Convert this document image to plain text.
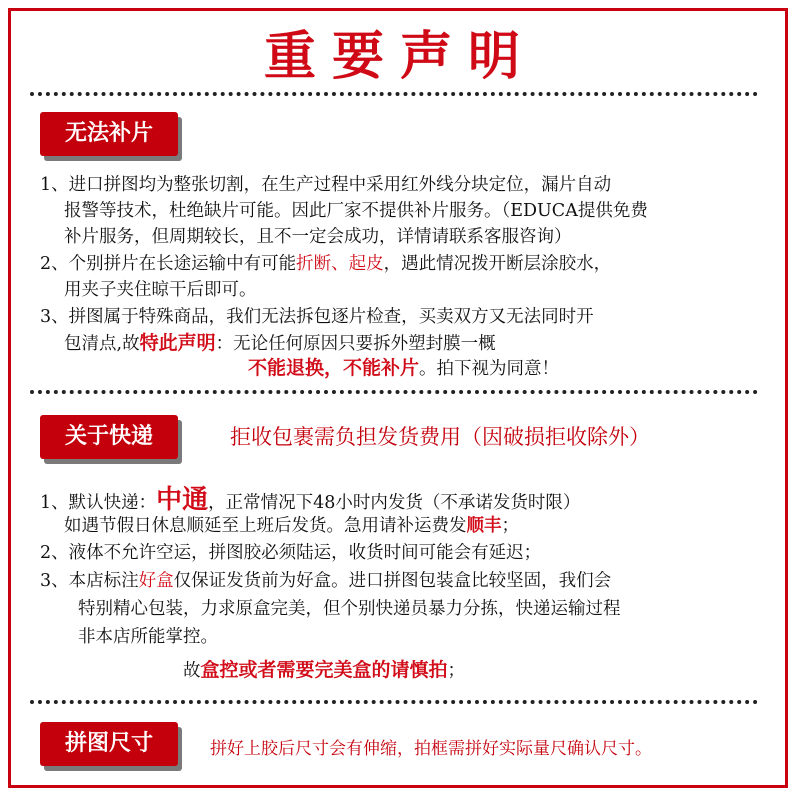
重要声明
无法补片
1、进口拼图均为整张切割，在生产过程中采用红外线分块定位，漏片自动
报警等技术，杜绝缺片可能。因此厂家不提供补片服务。（EDUCA提供免费
补片服务，但周期较长，且不一定会成功，详情请联系客服咨询）
2、个别拼片在长途运输中有可能折断、起皮，遇此情况拨开断层涂胶水，
用夹子夹住晾干后即可。
3、拼图属于特殊商品，我们无法拆包逐片检查，买卖双方又无法同时开
包清点,故特此声明：无论任何原因只要拆外塑封膜一概
不能退换，不能补片。拍下视为同意！
关于快递	拒收包裹需负担发货费用（因破损拒收除外）
1、默认快递：中通，正常情况下48小时内发货（不承诺发货时限）
如遇节假日休息顺延至上班后发货。急用请补运费发顺丰；
2、液体不允许空运，拼图胶必须陆运，收货时间可能会有延迟；
3、本店标注好盒仅保证发货前为好盒。进口拼图包装盒比较坚固，我们会
特别精心包装，力求原盒完美，但个别快递员暴力分拣，快递运输过程
非本店所能掌控。
故盒控或者需要完美盒的请慎拍；
拼图尺寸	拼好上胶后尺寸会有伸缩，拍框需拼好实际量尺确认尺寸。
